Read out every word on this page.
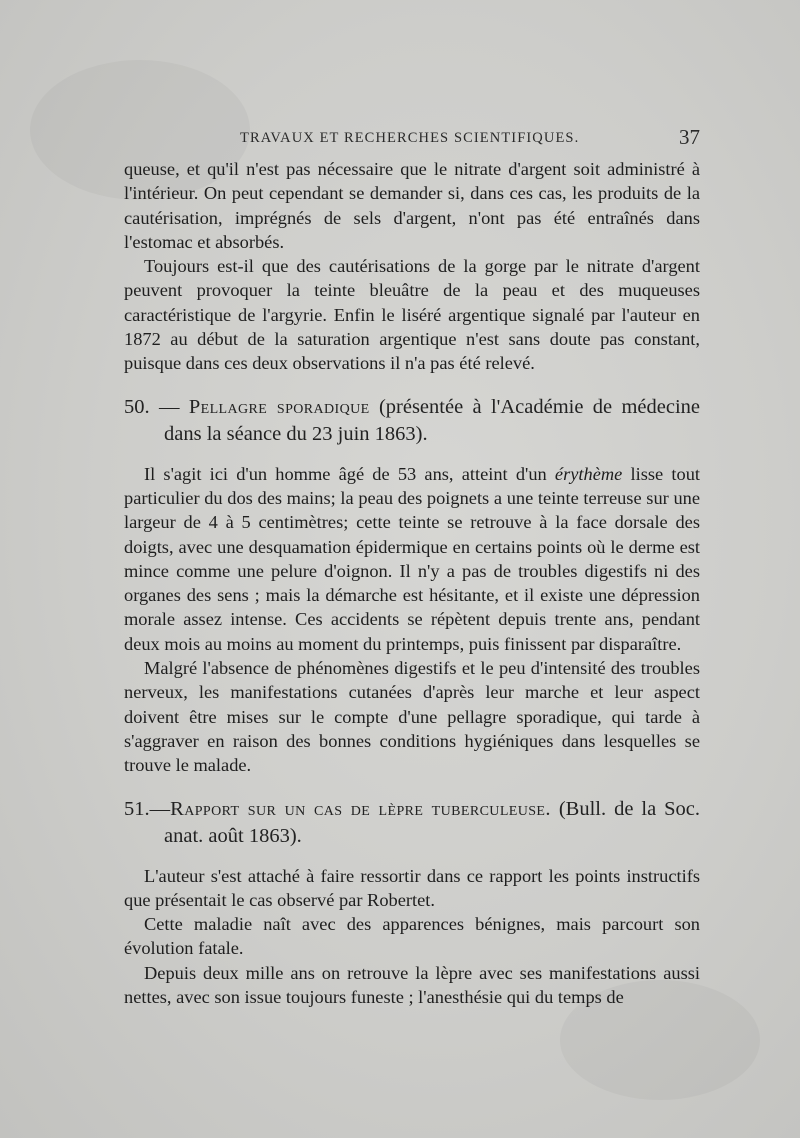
TRAVAUX ET RECHERCHES SCIENTIFIQUES.	37

queuse, et qu'il n'est pas nécessaire que le nitrate d'argent soit administré à l'intérieur. On peut cependant se demander si, dans ces cas, les produits de la cautérisation, imprégnés de sels d'argent, n'ont pas été entraînés dans l'estomac et absorbés.

Toujours est-il que des cautérisations de la gorge par le nitrate d'argent peuvent provoquer la teinte bleuâtre de la peau et des muqueuses caractéristique de l'argyrie. Enfin le liséré argentique signalé par l'auteur en 1872 au début de la saturation argentique n'est sans doute pas constant, puisque dans ces deux observations il n'a pas été relevé.

50. — Pellagre sporadique (présentée à l'Académie de médecine dans la séance du 23 juin 1863).

Il s'agit ici d'un homme âgé de 53 ans, atteint d'un érythème lisse tout particulier du dos des mains; la peau des poignets a une teinte terreuse sur une largeur de 4 à 5 centimètres; cette teinte se retrouve à la face dorsale des doigts, avec une desquamation épidermique en certains points où le derme est mince comme une pelure d'oignon. Il n'y a pas de troubles digestifs ni des organes des sens ; mais la démarche est hésitante, et il existe une dépression morale assez intense. Ces accidents se répètent depuis trente ans, pendant deux mois au moins au moment du printemps, puis finissent par disparaître.

Malgré l'absence de phénomènes digestifs et le peu d'intensité des troubles nerveux, les manifestations cutanées d'après leur marche et leur aspect doivent être mises sur le compte d'une pellagre sporadique, qui tarde à s'aggraver en raison des bonnes conditions hygiéniques dans lesquelles se trouve le malade.

51.—Rapport sur un cas de lèpre tuberculeuse. (Bull. de la Soc. anat. août 1863).

L'auteur s'est attaché à faire ressortir dans ce rapport les points instructifs que présentait le cas observé par Robertet.

Cette maladie naît avec des apparences bénignes, mais parcourt son évolution fatale.

Depuis deux mille ans on retrouve la lèpre avec ses manifestations aussi nettes, avec son issue toujours funeste ; l'anesthésie qui du temps de
